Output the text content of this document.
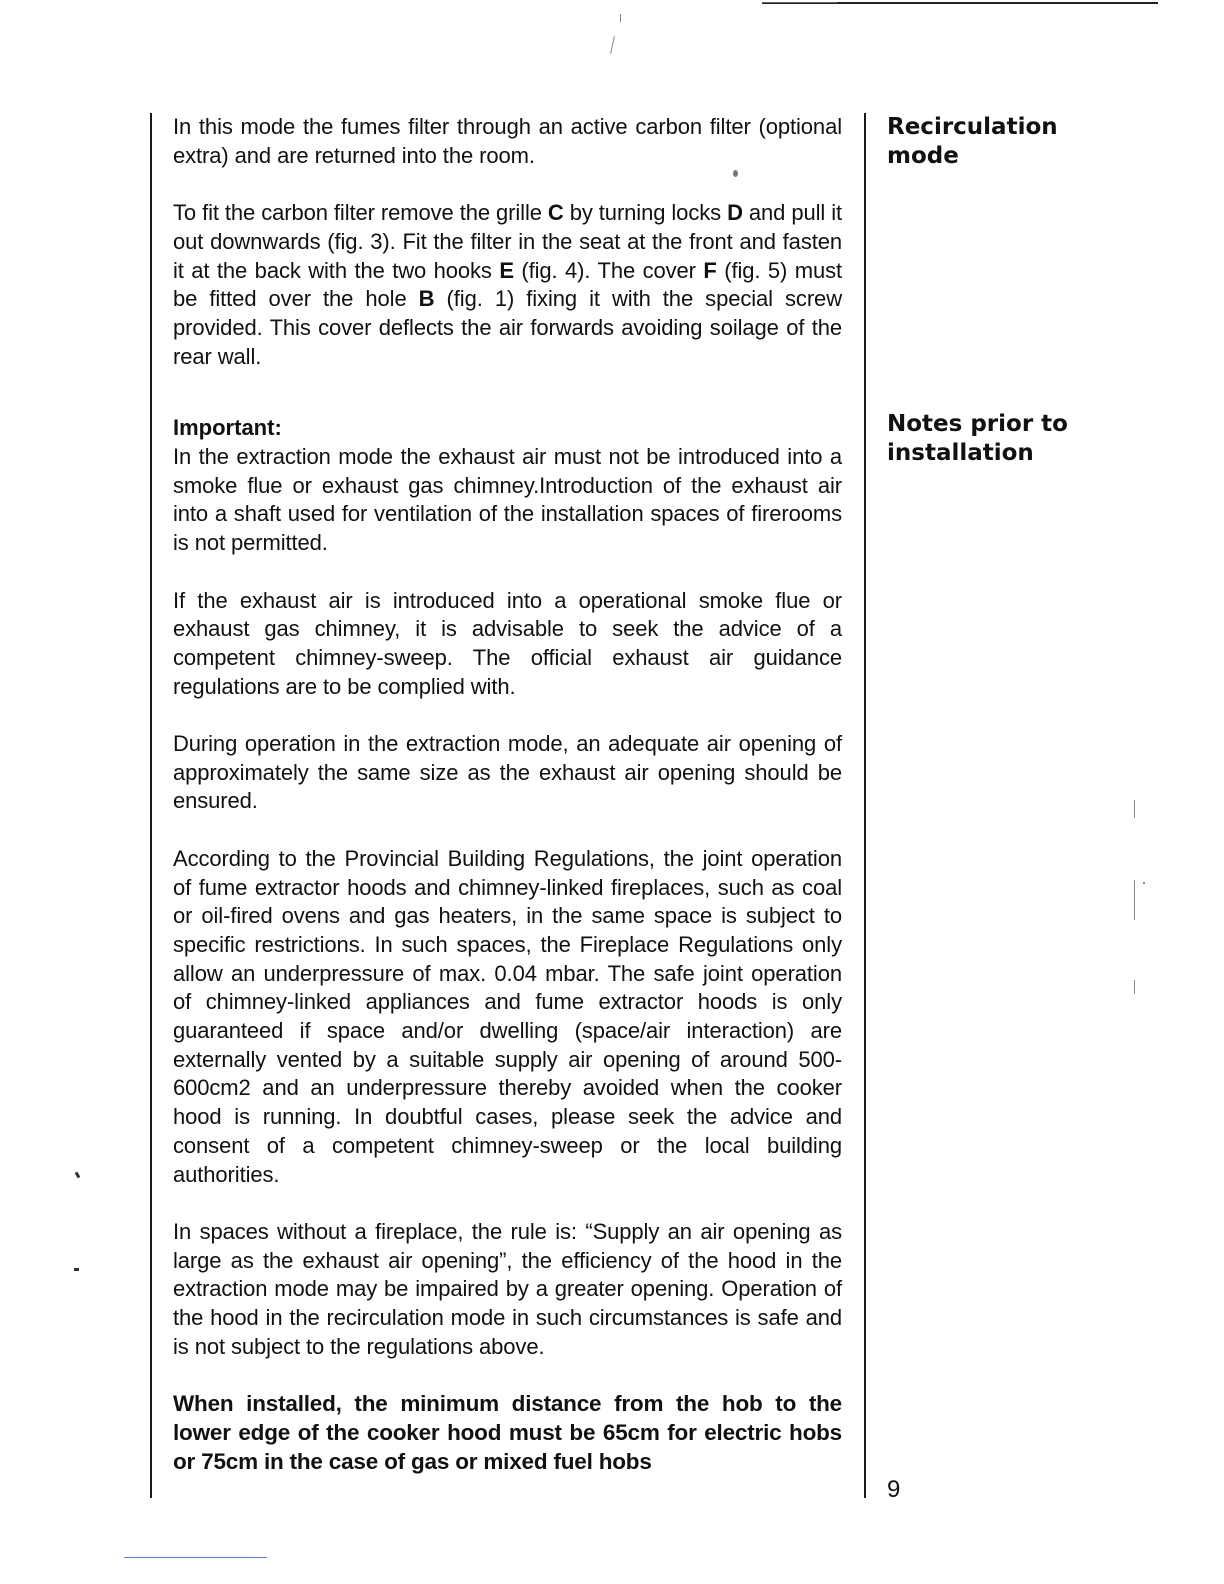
In this mode the fumes filter through an active carbon filter (optional extra) and are returned into the room.

To fit the carbon filter remove the grille C by turning locks D and pull it out downwards (fig. 3). Fit the filter in the seat at the front and fasten it at the back with the two hooks E (fig. 4). The cover F (fig. 5) must be fitted over the hole B (fig. 1) fixing it with the special screw provided. This cover deflects the air forwards avoiding soilage of the rear wall.

Important:

In the extraction mode the exhaust air must not be introduced into a smoke flue or exhaust gas chimney.Introduction of the exhaust air into a shaft used for ventilation of the installation spaces of firerooms is not permitted.

If the exhaust air is introduced into a operational smoke flue or exhaust gas chimney, it is advisable to seek the advice of a competent chimney-sweep. The official exhaust air guidance regulations are to be complied with.

During operation in the extraction mode, an adequate air opening of approximately the same size as the exhaust air opening should be ensured.

According to the Provincial Building Regulations, the joint operation of fume extractor hoods and chimney-linked fireplaces, such as coal or oil-fired ovens and gas heaters, in the same space is subject to specific restrictions. In such spaces, the Fireplace Regulations only allow an underpressure of max. 0.04 mbar. The safe joint operation of chimney-linked appliances and fume extractor hoods is only guaranteed if space and/or dwelling (space/air interaction) are externally vented by a suitable supply air opening of around 500-600cm2 and an underpressure thereby avoided when the cooker hood is running. In doubtful cases, please seek the advice and consent of a competent chimney-sweep or the local building authorities.

In spaces without a fireplace, the rule is: “Supply an air opening as large as the exhaust air opening”, the efficiency of the hood in the extraction mode may be impaired by a greater opening. Operation of the hood in the recirculation mode in such circumstances is safe and is not subject to the regulations above.

When installed, the minimum distance from the hob to the lower edge of the cooker hood must be 65cm for electric hobs or 75cm in the case of gas or mixed fuel hobs

Recirculation
mode
Notes prior to
installation
9
